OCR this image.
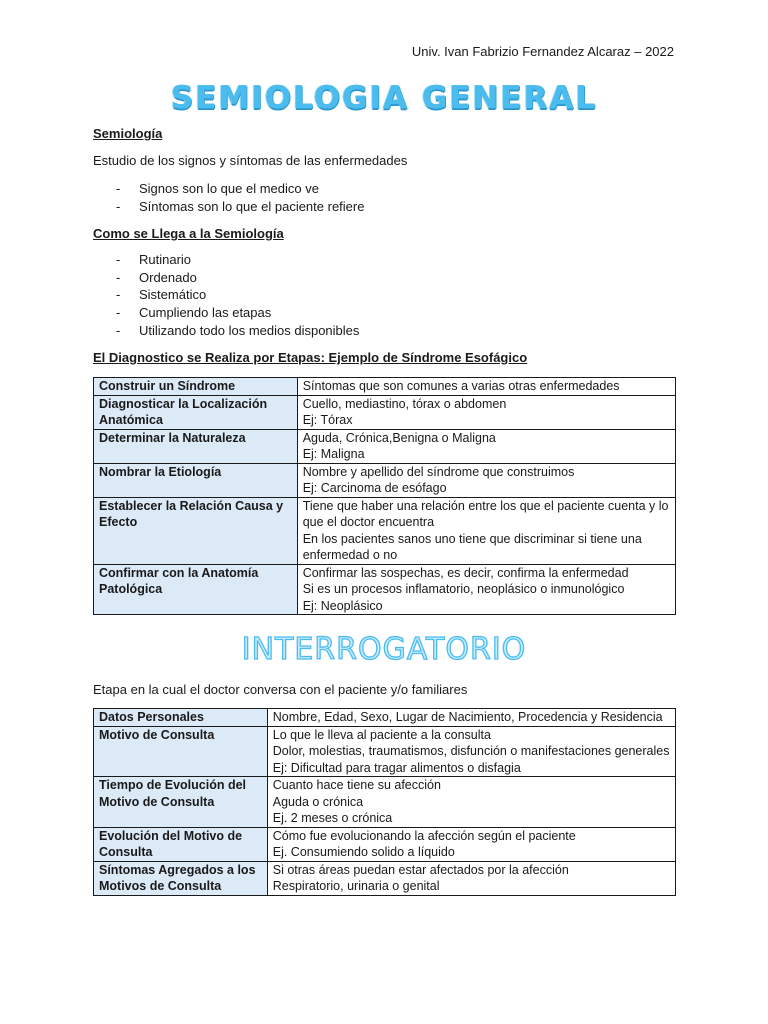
Univ. Ivan Fabrizio Fernandez Alcaraz – 2022
SEMIOLOGIA GENERAL
Semiología
Estudio de los signos y síntomas de las enfermedades
- Signos son lo que el medico ve
- Síntomas son lo que el paciente refiere
Como se Llega a la Semiología
- Rutinario
- Ordenado
- Sistemático
- Cumpliendo las etapas
- Utilizando todo los medios disponibles
El Diagnostico se Realiza por Etapas: Ejemplo de Síndrome Esofágico
Construir un Síndrome	Síntomas que son comunes a varias otras enfermedades

Diagnosticar la Localización Anatómica	Cuello, mediastino, tórax o abdomen
Ej: Tórax

Determinar la Naturaleza	Aguda, Crónica,Benigna o Maligna
Ej: Maligna

Nombrar la Etiología	Nombre y apellido del síndrome que construimos
Ej: Carcinoma de esófago

Establecer la Relación Causa y Efecto	Tiene que haber una relación entre los que el paciente cuenta y lo que el doctor encuentra
En los pacientes sanos uno tiene que discriminar si tiene una enfermedad o no

Confirmar con la Anatomía Patológica	Confirmar las sospechas, es decir, confirma la enfermedad
Si es un procesos inflamatorio, neoplásico o inmunológico
Ej: Neoplásico
INTERROGATORIO
Etapa en la cual el doctor conversa con el paciente y/o familiares
Datos Personales	Nombre, Edad, Sexo, Lugar de Nacimiento, Procedencia y Residencia

Motivo de Consulta	Lo que le lleva al paciente a la consulta
Dolor, molestias, traumatismos, disfunción o manifestaciones generales
Ej: Dificultad para tragar alimentos o disfagia

Tiempo de Evolución del Motivo de Consulta	Cuanto hace tiene su afección
Aguda o crónica
Ej. 2 meses o crónica

Evolución del Motivo de Consulta	Cómo fue evolucionando la afección según el paciente
Ej. Consumiendo solido a líquido

Síntomas Agregados a los Motivos de Consulta	Si otras áreas puedan estar afectados por la afección
Respiratorio, urinaria o genital
